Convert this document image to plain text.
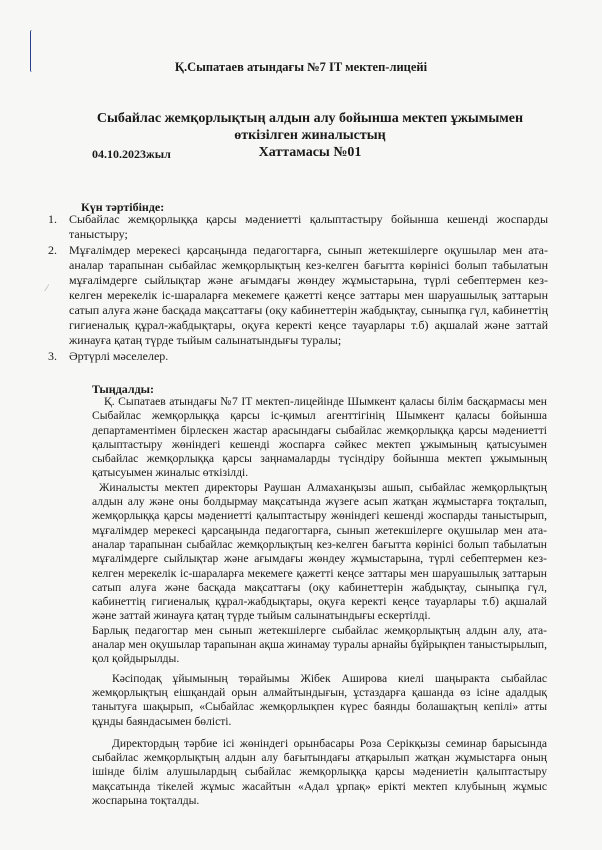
⁄
Қ.Сыпатаев атындағы №7 IT мектеп-лицейі
Сыбайлас жемқорлықтың алдын алу бойынша мектеп ұжымымен
өткізілген жиналыстың
Хаттамасы №01
04.10.2023жыл
Күн тәртібінде:
1.	Сыбайлас жемқорлыққа қарсы мәдениетті қалыптастыру бойынша кешенді жоспарды таныстыру;
2.	Мұғалімдер мерекесі қарсаңында педагогтарға, сынып жетекшілерге оқушылар мен ата-аналар тарапынан сыбайлас жемқорлықтың кез-келген бағытта көрінісі болып табылатын мұғалімдерге сыйлықтар және ағымдағы жөндеу жұмыстарына, түрлі себептермен кез-келген мерекелік іс-шараларға мекемеге қажетті кеңсе заттары мен шаруашылық заттарын сатып алуға және басқада мақсаттағы (оқу кабинеттерін жабдықтау, сыныпқа гүл, кабинеттің гигиеналық құрал-жабдықтары, оқуға керекті кеңсе тауарлары т.б) ақшалай және заттай жинауға қатаң түрде тыйым салынатындығы туралы;
3.	Әртүрлі мәселелер.
Тыңдалды:

Қ. Сыпатаев атындағы №7 IT мектеп-лицейінде Шымкент қаласы білім басқармасы мен Сыбайлас жемқорлыққа қарсы іс-қимыл агенттігінің Шымкент қаласы бойынша департаментімен бірлескен жастар арасындағы сыбайлас жемқорлыққа қарсы мәдениетті қалыптастыру жөніндегі кешенді жоспарға сәйкес мектеп ұжымының қатысуымен сыбайлас жемқорлыққа қарсы заңнамаларды түсіндіру бойынша мектеп ұжымының қатысуымен жиналыс өткізілді.

Жиналысты мектеп директоры Раушан Алмаханқызы ашып, сыбайлас жемқорлықтың алдын алу және оны болдырмау мақсатында жүзеге асып жатқан жұмыстарға тоқталып, жемқорлыққа қарсы мәдениетті қалыптастыру жөніндегі кешенді жоспарды таныстырып, мұғалімдер мерекесі қарсаңында педагогтарға, сынып жетекшілерге оқушылар мен ата-аналар тарапынан сыбайлас жемқорлықтың кез-келген бағытта көрінісі болып табылатын мұғалімдерге сыйлықтар және ағымдағы жөндеу жұмыстарына, түрлі себептермен кез-келген мерекелік іс-шараларға мекемеге қажетті кеңсе заттары мен шаруашылық заттарын сатып алуға және басқада мақсаттағы (оқу кабинеттерін жабдықтау, сыныпқа гүл, кабинеттің гигиеналық құрал-жабдықтары, оқуға керекті кеңсе тауарлары т.б) ақшалай және заттай жинауға қатаң түрде тыйым салынатындығы ескертілді.

Барлық педагогтар мен сынып жетекшілерге сыбайлас жемқорлықтың алдын алу, ата-аналар мен оқушылар тарапынан ақша жинамау туралы арнайы бұйрықпен таныстырылып, қол қойдырылды.

Кәсіподақ ұйымының төрайымы Жібек Аширова киелі шаңыракта сыбайлас жемқорлықтың еішқандай орын алмайтындығын, ұстаздарға қашанда өз ісіне адалдық танытуға шақырып, «Сыбайлас жемқорлықпен күрес баянды болашақтың кепілі» атты құнды баяндасымен бөлісті.

Директордың тәрбие ісі жөніндегі орынбасары Роза Серікқызы семинар барысында сыбайлас жемқорлықтың алдын алу бағытындағы атқарылып жатқан жұмыстарға оның ішінде білім алушылардың сыбайлас жемқорлыққа қарсы мәдениетін қалыптастыру мақсатында тікелей жұмыс жасайтын «Адал ұрпақ» ерікті мектеп клубының жұмыс жоспарына тоқталды.
